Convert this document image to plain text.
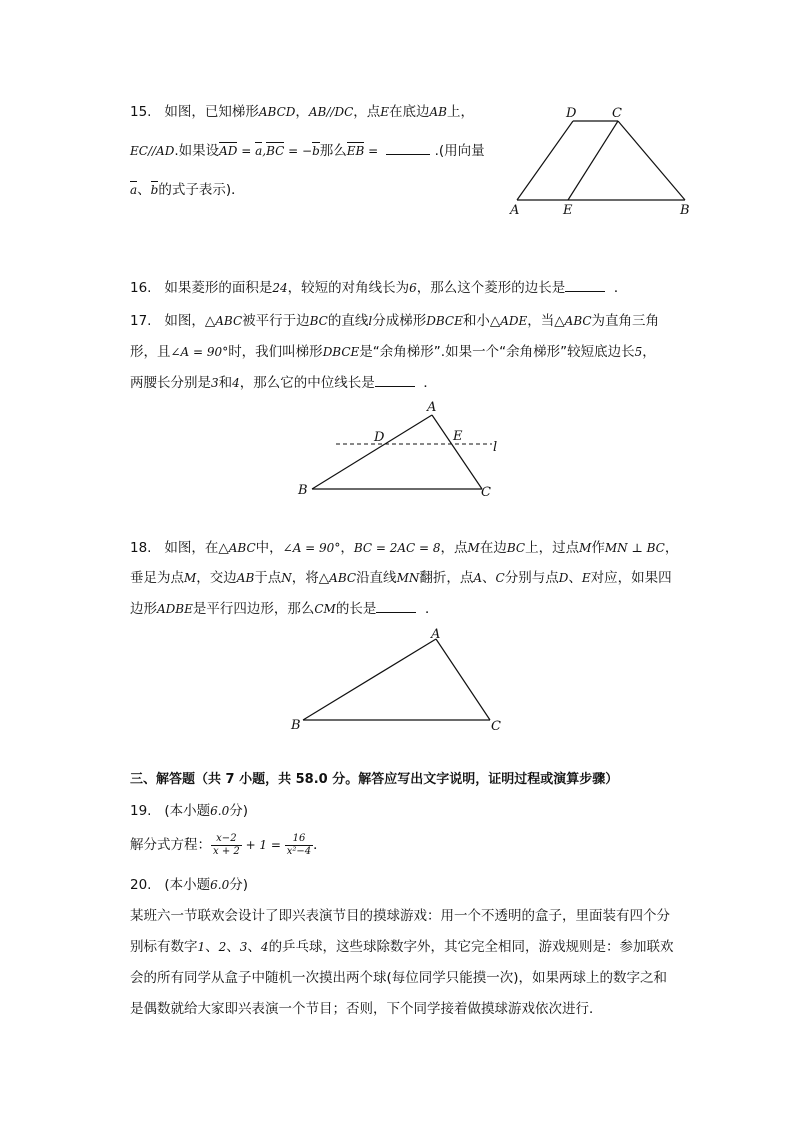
15. 如图，已知梯形ABCD，AB//DC，点E在底边AB上，
EC//AD.如果设AD = a,BC = −b那么EB =	.(用向量
a、b的式子表示)．
D	C
A	E	B
16. 如果菱形的面积是24，较短的对角线长为6，那么这个菱形的边长是	．
17. 如图，△ABC被平行于边BC的直线l分成梯形DBCE和小△ADE，当△ABC为直角三角
形，且∠A = 90°时，我们叫梯形DBCE是“余角梯形”.如果一个“余角梯形”较短底边长5，
两腰长分别是3和4，那么它的中位线长是	．
A
D	E
l
B	C
18. 如图，在△ABC中，∠A = 90°，BC = 2AC = 8，点M在边BC上，过点M作MN ⊥ BC，
垂足为点M，交边AB于点N，将△ABC沿直线MN翻折，点A、C分别与点D、E对应，如果四
边形ADBE是平行四边形，那么CM的长是	．
A
B	C
三、解答题（共 7 小题，共 58.0 分。解答应写出文字说明，证明过程或演算步骤）
19. (本小题6.0分)
解分式方程： $\frac{x-2}{x + 2} + 1 = \frac{16}{\text{x²−4}}$ ．
20. (本小题6.0分)
某班六一节联欢会设计了即兴表演节目的摸球游戏：用一个不透明的盒子，里面装有四个分
别标有数字1、2、3、4的乒乓球，这些球除数字外，其它完全相同，游戏规则是：参加联欢
会的所有同学从盒子中随机一次摸出两个球(每位同学只能摸一次)，如果两球上的数字之和
是偶数就给大家即兴表演一个节目；否则，下个同学接着做摸球游戏依次进行．
